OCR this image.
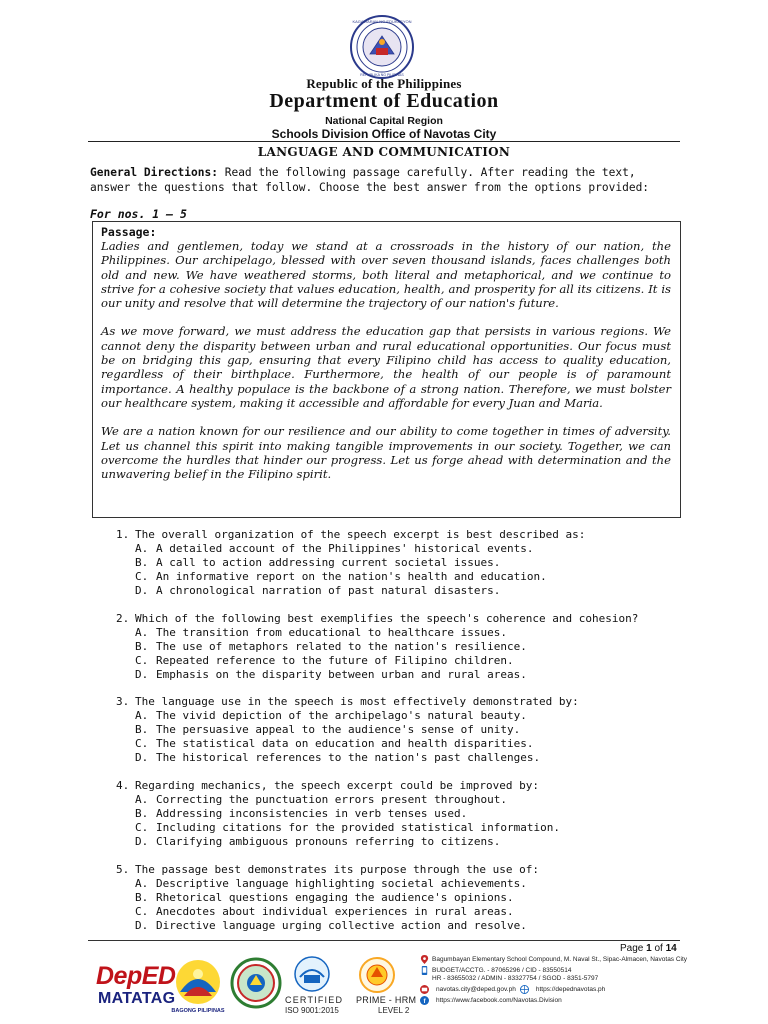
KAGAWARAN NG EDUKASYON
REPUBLIKA NG PILIPINAS
Republic of the Philippines
Department of Education
National Capital Region
Schools Division Office of Navotas City
LANGUAGE AND COMMUNICATION
General Directions: Read the following passage carefully. After reading the text, answer the questions that follow. Choose the best answer from the options provided:
For nos. 1 – 5
Passage:

Ladies and gentlemen, today we stand at a crossroads in the history of our nation, the Philippines. Our archipelago, blessed with over seven thousand islands, faces challenges both old and new. We have weathered storms, both literal and metaphorical, and we continue to strive for a cohesive society that values education, health, and prosperity for all its citizens. It is our unity and resolve that will determine the trajectory of our nation's future.

As we move forward, we must address the education gap that persists in various regions. We cannot deny the disparity between urban and rural educational opportunities. Our focus must be on bridging this gap, ensuring that every Filipino child has access to quality education, regardless of their birthplace. Furthermore, the health of our people is of paramount importance. A healthy populace is the backbone of a strong nation. Therefore, we must bolster our healthcare system, making it accessible and affordable for every Juan and Maria.

We are a nation known for our resilience and our ability to come together in times of adversity. Let us channel this spirit into making tangible improvements in our society. Together, we can overcome the hurdles that hinder our progress. Let us forge ahead with determination and the unwavering belief in the Filipino spirit.

1. The overall organization of the speech excerpt is best described as:
A. A detailed account of the Philippines' historical events.
B. A call to action addressing current societal issues.
C. An informative report on the nation's health and education.
D. A chronological narration of past natural disasters.
2. Which of the following best exemplifies the speech's coherence and cohesion?
A. The transition from educational to healthcare issues.
B. The use of metaphors related to the nation's resilience.
C. Repeated reference to the future of Filipino children.
D. Emphasis on the disparity between urban and rural areas.
3. The language use in the speech is most effectively demonstrated by:
A. The vivid depiction of the archipelago's natural beauty.
B. The persuasive appeal to the audience's sense of unity.
C. The statistical data on education and health disparities.
D. The historical references to the nation's past challenges.
4. Regarding mechanics, the speech excerpt could be improved by:
A. Correcting the punctuation errors present throughout.
B. Addressing inconsistencies in verb tenses used.
C. Including citations for the provided statistical information.
D. Clarifying ambiguous pronouns referring to citizens.
5. The passage best demonstrates its purpose through the use of:
A. Descriptive language highlighting societal achievements.
B. Rhetorical questions engaging the audience's opinions.
C. Anecdotes about individual experiences in rural areas.
D. Directive language urging collective action and resolve.
Page 1 of 14
DepED
MATATAG
BAGONG PILIPINAS
CERTIFIED
ISO 9001:2015
PRIME - HRM
LEVEL 2
Bagumbayan Elementary School Compound, M. Naval St., Sipac-Almacen, Navotas City
BUDGET/ACCTG. - 87065296 / CID - 83550514
HR - 83655032 / ADMIN - 83327754 / SGOD - 8351-5797
navotas.city@deped.gov.ph	https://depednavotas.ph
f https://www.facebook.com/Navotas.Division
